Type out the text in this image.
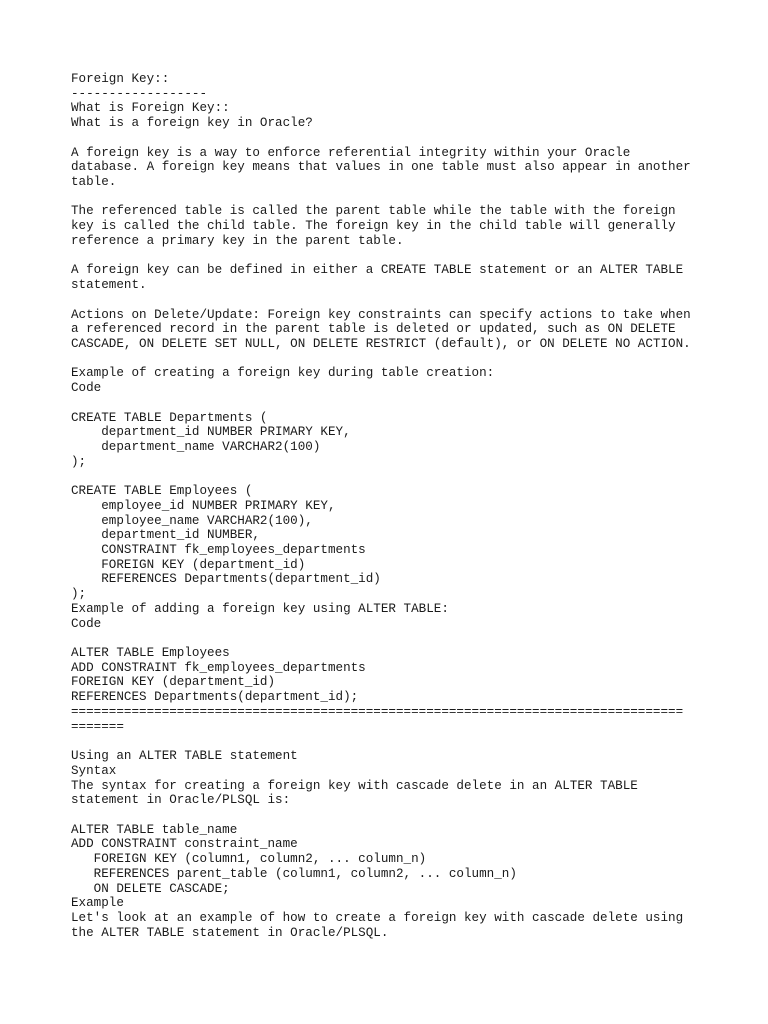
Foreign Key::
------------------
What is Foreign Key::
What is a foreign key in Oracle?
A foreign key is a way to enforce referential integrity within your Oracle
database. A foreign key means that values in one table must also appear in another
table.
The referenced table is called the parent table while the table with the foreign
key is called the child table. The foreign key in the child table will generally
reference a primary key in the parent table.
A foreign key can be defined in either a CREATE TABLE statement or an ALTER TABLE
statement.
Actions on Delete/Update: Foreign key constraints can specify actions to take when
a referenced record in the parent table is deleted or updated, such as ON DELETE
CASCADE, ON DELETE SET NULL, ON DELETE RESTRICT (default), or ON DELETE NO ACTION.
Example of creating a foreign key during table creation:
Code
CREATE TABLE Departments (
department_id NUMBER PRIMARY KEY,
department_name VARCHAR2(100)
);
CREATE TABLE Employees (
employee_id NUMBER PRIMARY KEY,
employee_name VARCHAR2(100),
department_id NUMBER,
CONSTRAINT fk_employees_departments
FOREIGN KEY (department_id)
REFERENCES Departments(department_id)
);
Example of adding a foreign key using ALTER TABLE:
Code
ALTER TABLE Employees
ADD CONSTRAINT fk_employees_departments
FOREIGN KEY (department_id)
REFERENCES Departments(department_id);
=================================================================================
=======
Using an ALTER TABLE statement
Syntax
The syntax for creating a foreign key with cascade delete in an ALTER TABLE
statement in Oracle/PLSQL is:
ALTER TABLE table_name
ADD CONSTRAINT constraint_name
FOREIGN KEY (column1, column2, ... column_n)
REFERENCES parent_table (column1, column2, ... column_n)
ON DELETE CASCADE;
Example
Let's look at an example of how to create a foreign key with cascade delete using
the ALTER TABLE statement in Oracle/PLSQL.
